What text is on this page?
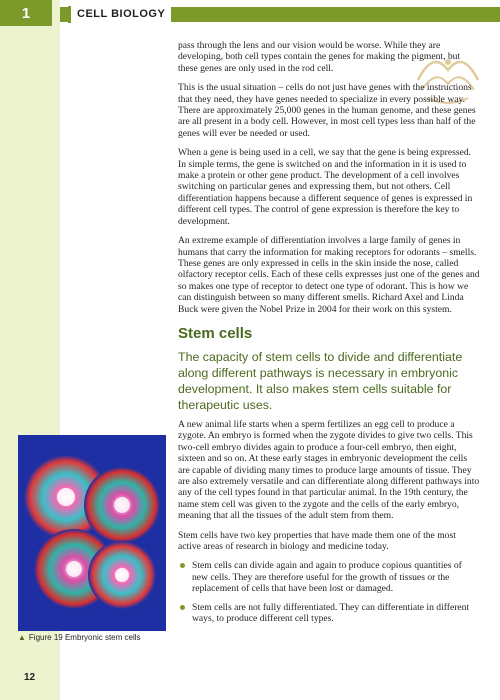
1	CELL BIOLOGY

pass through the lens and our vision would be worse. While they are developing, both cell types contain the genes for making the pigment, but these genes are only used in the rod cell.

This is the usual situation – cells do not just have genes with the instructions that they need, they have genes needed to specialize in every possible way. There are approximately 25,000 genes in the human genome, and these genes are all present in a body cell. However, in most cell types less than half of the genes will ever be needed or used.

When a gene is being used in a cell, we say that the gene is being expressed. In simple terms, the gene is switched on and the information in it is used to make a protein or other gene product. The development of a cell involves switching on particular genes and expressing them, but not others. Cell differentiation happens because a different sequence of genes is expressed in different cell types. The control of gene expression is therefore the key to development.

An extreme example of differentiation involves a large family of genes in humans that carry the information for making receptors for odorants – smells. These genes are only expressed in cells in the skin inside the nose, called olfactory receptor cells. Each of these cells expresses just one of the genes and so makes one type of receptor to detect one type of odorant. This is how we can distinguish between so many different smells. Richard Axel and Linda Buck were given the Nobel Prize in 2004 for their work on this system.

Stem cells
The capacity of stem cells to divide and differentiate along different pathways is necessary in embryonic development. It also makes stem cells suitable for therapeutic uses.

A new animal life starts when a sperm fertilizes an egg cell to produce a zygote. An embryo is formed when the zygote divides to give two cells. This two-cell embryo divides again to produce a four-cell embryo, then eight, sixteen and so on. At these early stages in embryonic development the cells are capable of dividing many times to produce large amounts of tissue. They are also extremely versatile and can differentiate along different pathways into any of the cell types found in that particular animal. In the 19th century, the name stem cell was given to the zygote and the cells of the early embryo, meaning that all the tissues of the adult stem from them.

Stem cells have two key properties that have made them one of the most active areas of research in biology and medicine today.

Stem cells can divide again and again to produce copious quantities of new cells. They are therefore useful for the growth of tissues or the replacement of cells that have been lost or damaged.
Stem cells are not fully differentiated. They can differentiate in different ways, to produce different cell types.
▲ Figure 19 Embryonic stem cells
12
